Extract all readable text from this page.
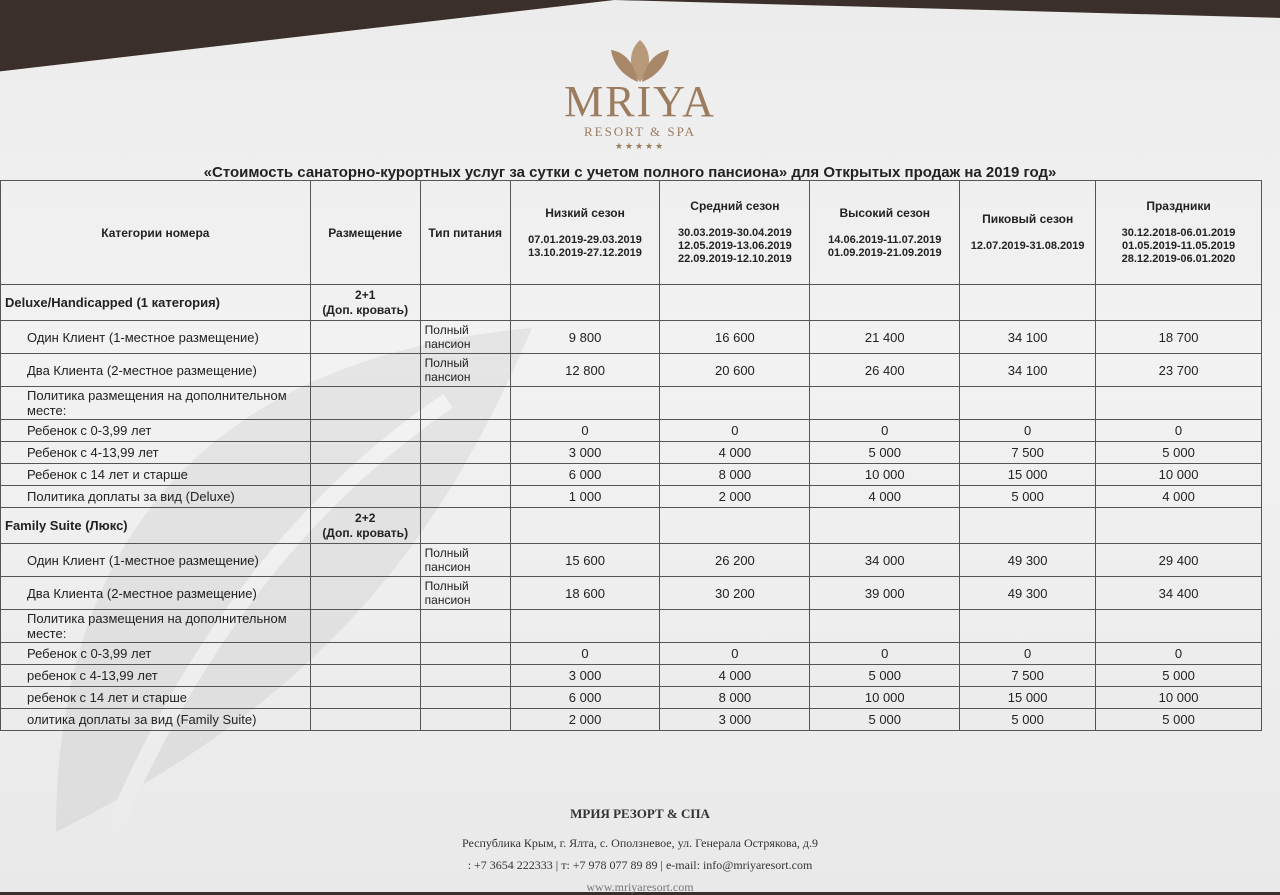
MRIYA
RESORT & SPA
★★★★★
«Стоимость санаторно-курортных услуг за сутки с учетом полного пансиона» для Открытых продаж на 2019 год»
Категории номера	Размещение	Тип питания	Низкий сезон

07.01.2019-29.03.2019
13.10.2019-27.12.2019	Средний сезон

30.03.2019-30.04.2019
12.05.2019-13.06.2019
22.09.2019-12.10.2019	Высокий сезон

14.06.2019-11.07.2019
01.09.2019-21.09.2019	Пиковый сезон

12.07.2019-31.08.2019	Праздники

30.12.2018-06.01.2019
01.05.2019-11.05.2019
28.12.2019-06.01.2020

Deluxe/Handicapped (1 категория)	2+1
(Доп. кровать)						
Один Клиент (1-местное размещение)		Полный пансион	9 800	16 600	21 400	34 100	18 700
Два Клиента (2-местное размещение)		Полный пансион	12 800	20 600	26 400	34 100	23 700
Политика размещения на дополнительном месте:							
Ребенок с 0-3,99 лет			0	0	0	0	0
Ребенок с 4-13,99 лет			3 000	4 000	5 000	7 500	5 000
Ребенок с 14 лет и старше			6 000	8 000	10 000	15 000	10 000
Политика доплаты за вид (Deluxe)			1 000	2 000	4 000	5 000	4 000
Family Suite (Люкс)	2+2
(Доп. кровать)						
Один Клиент (1-местное размещение)		Полный пансион	15 600	26 200	34 000	49 300	29 400
Два Клиента (2-местное размещение)		Полный пансион	18 600	30 200	39 000	49 300	34 400
Политика размещения на дополнительном месте:							
Ребенок с 0-3,99 лет			0	0	0	0	0
ребенок с 4-13,99 лет			3 000	4 000	5 000	7 500	5 000
ребенок с 14 лет и старше			6 000	8 000	10 000	15 000	10 000
олитика доплаты за вид (Family Suite)			2 000	3 000	5 000	5 000	5 000
МРИЯ РЕЗОРТ & СПА
Республика Крым, г. Ялта, с. Оползневое, ул. Генерала Острякова, д.9
: +7 3654 222333 | т: +7 978 077 89 89 | e-mail: info@mriyaresort.com
www.mriyaresort.com
